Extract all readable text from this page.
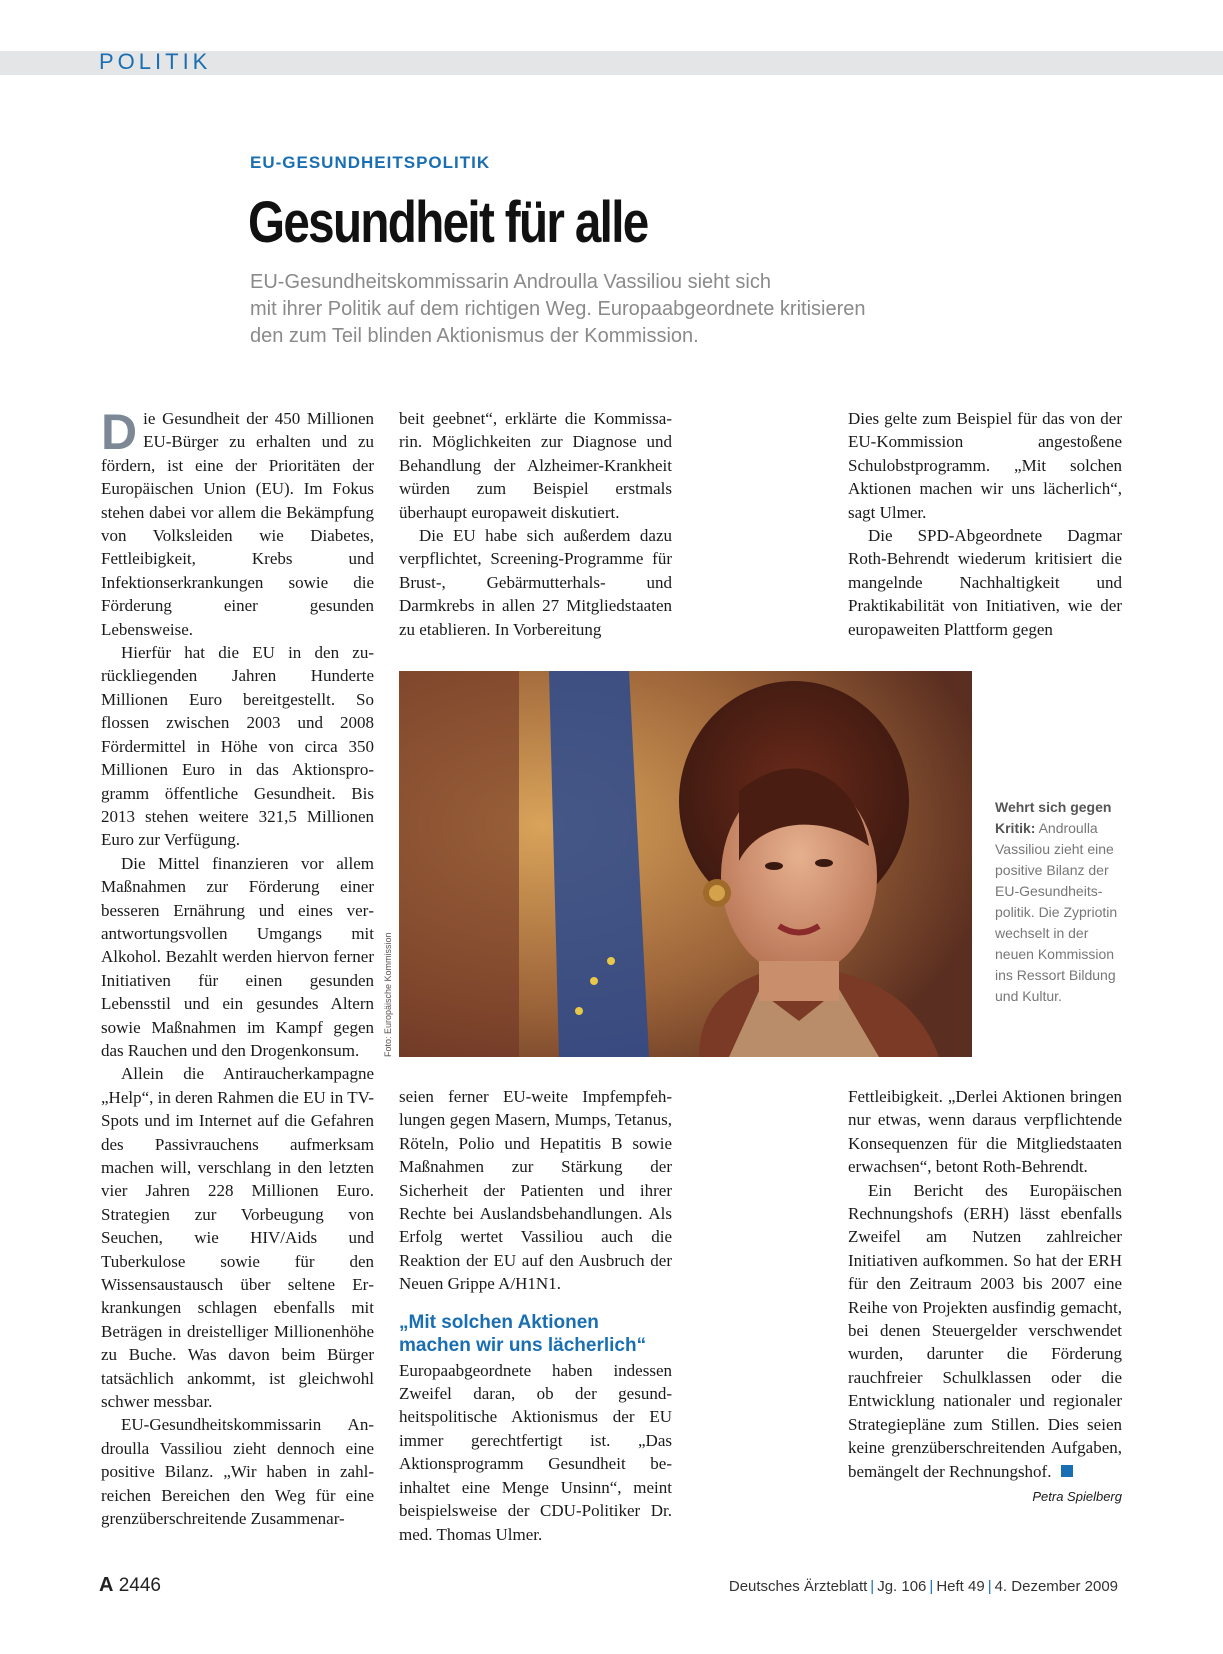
POLITIK
EU-GESUNDHEITSPOLITIK
Gesundheit für alle
EU-Gesundheitskommissarin Androulla Vassiliou sieht sich
mit ihrer Politik auf dem richtigen Weg. Europaabgeordnete kritisieren
den zum Teil blinden Aktionismus der Kommission.

Die Gesundheit der 450 Millionen EU-Bürger zu erhalten und zu fördern, ist eine der Prioritäten der Europäischen Union (EU). Im Fokus stehen dabei vor allem die Bekämpfung von Volksleiden wie Diabetes, Fettleibigkeit, Krebs und Infektionserkrankungen sowie die Förderung einer gesunden Lebensweise.

Hierfür hat die EU in den zurückliegenden Jahren Hunderte Millionen Euro bereitgestellt. So flossen zwischen 2003 und 2008 Fördermittel in Höhe von circa 350 Millionen Euro in das Aktionsprogramm öffentliche Gesundheit. Bis 2013 stehen weitere 321,5 Millionen Euro zur Verfügung.

Die Mittel finanzieren vor allem Maßnahmen zur Förderung einer besseren Ernährung und eines verantwortungsvollen Umgangs mit Alkohol. Bezahlt werden hiervon ferner Initiativen für einen gesunden Lebensstil und ein gesundes Altern sowie Maßnahmen im Kampf gegen das Rauchen und den Drogenkonsum.

Allein die Antiraucherkampagne „Help“, in deren Rahmen die EU in TV-Spots und im Internet auf die Gefahren des Passivrauchens aufmerksam machen will, verschlang in den letzten vier Jahren 228 Millionen Euro. Strategien zur Vorbeugung von Seuchen, wie HIV/Aids und Tuberkulose sowie für den Wissensaustausch über seltene Erkrankungen schlagen ebenfalls mit Beträgen in dreistelliger Millionenhöhe zu Buche. Was davon beim Bürger tatsächlich ankommt, ist gleichwohl schwer messbar.

EU-Gesundheitskommissarin Androulla Vassiliou zieht dennoch eine positive Bilanz. „Wir haben in zahlreichen Bereichen den Weg für eine grenzüberschreitende Zusammenar-

beit geebnet“, erklärte die Kommissarin. Möglichkeiten zur Diagnose und Behandlung der Alzheimer-Krankheit würden zum Beispiel erstmals überhaupt europaweit diskutiert.

Die EU habe sich außerdem dazu verpflichtet, Screening-Programme für Brust-, Gebärmutterhals- und Darmkrebs in allen 27 Mitgliedstaaten zu etablieren. In Vorbereitung

Dies gelte zum Beispiel für das von der EU-Kommission angestoßene Schulobstprogramm. „Mit solchen Aktionen machen wir uns lächerlich“, sagt Ulmer.

Die SPD-Abgeordnete Dagmar Roth-Behrendt wiederum kritisiert die mangelnde Nachhaltigkeit und Praktikabilität von Initiativen, wie der europaweiten Plattform gegen

Foto: Europäische Kommission
Wehrt sich gegen Kritik: Androulla Vassiliou zieht eine positive Bilanz der EU-Gesundheitspolitik. Die Zypriotin wechselt in der neuen Kommission ins Ressort Bildung und Kultur.

seien ferner EU-weite Impfempfehlungen gegen Masern, Mumps, Tetanus, Röteln, Polio und Hepatitis B sowie Maßnahmen zur Stärkung der Sicherheit der Patienten und ihrer Rechte bei Auslandsbehandlungen. Als Erfolg wertet Vassiliou auch die Reaktion der EU auf den Ausbruch der Neuen Grippe A/H1N1.

„Mit solchen Aktionen
machen wir uns lächerlich“

Europaabgeordnete haben indessen Zweifel daran, ob der gesundheitspolitische Aktionismus der EU immer gerechtfertigt ist. „Das Aktionsprogramm Gesundheit beinhaltet eine Menge Unsinn“, meint beispielsweise der CDU-Politiker Dr. med. Thomas Ulmer.

Fettleibigkeit. „Derlei Aktionen bringen nur etwas, wenn daraus verpflichtende Konsequenzen für die Mitgliedstaaten erwachsen“, betont Roth-Behrendt.

Ein Bericht des Europäischen Rechnungshofs (ERH) lässt ebenfalls Zweifel am Nutzen zahlreicher Initiativen aufkommen. So hat der ERH für den Zeitraum 2003 bis 2007 eine Reihe von Projekten ausfindig gemacht, bei denen Steuergelder verschwendet wurden, darunter die Förderung rauchfreier Schulklassen oder die Entwicklung nationaler und regionaler Strategiepläne zum Stillen. Dies seien keine grenzüberschreitenden Aufgaben, bemängelt der Rechnungshof.

Petra Spielberg
A 2446	Deutsches Ärzteblatt | Jg. 106 | Heft 49 | 4. Dezember 2009
